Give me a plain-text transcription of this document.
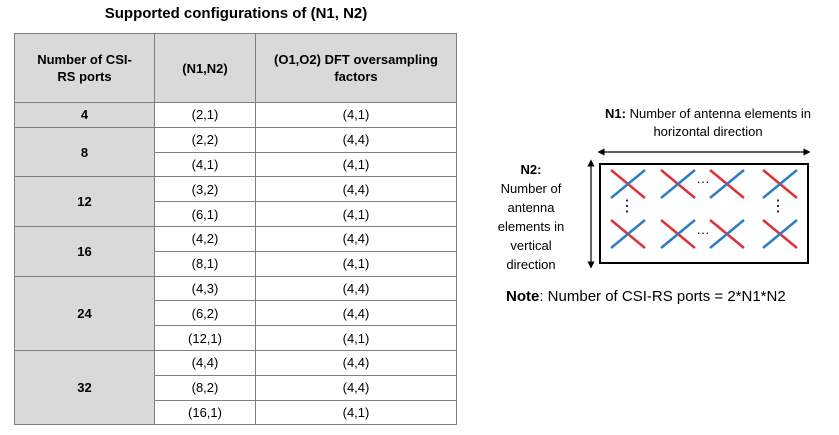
Supported configurations of (N1, N2)
Number of CSI-RS ports	(N1,N2)	(O1,O2) DFT oversampling factors

4	(2,1)	(4,1)
8	(2,2)	(4,4)
	(4,1)	(4,1)
12	(3,2)	(4,4)
	(6,1)	(4,1)
16	(4,2)	(4,4)
	(8,1)	(4,1)
24	(4,3)	(4,4)
	(6,2)	(4,4)
	(12,1)	(4,1)
32	(4,4)	(4,4)
	(8,2)	(4,4)
	(16,1)	(4,1)
N1: Number of antenna elements in horizontal direction
N2:
Number of antenna elements in vertical direction
···
···
⋮	⋮
Note: Number of CSI-RS ports = 2*N1*N2
